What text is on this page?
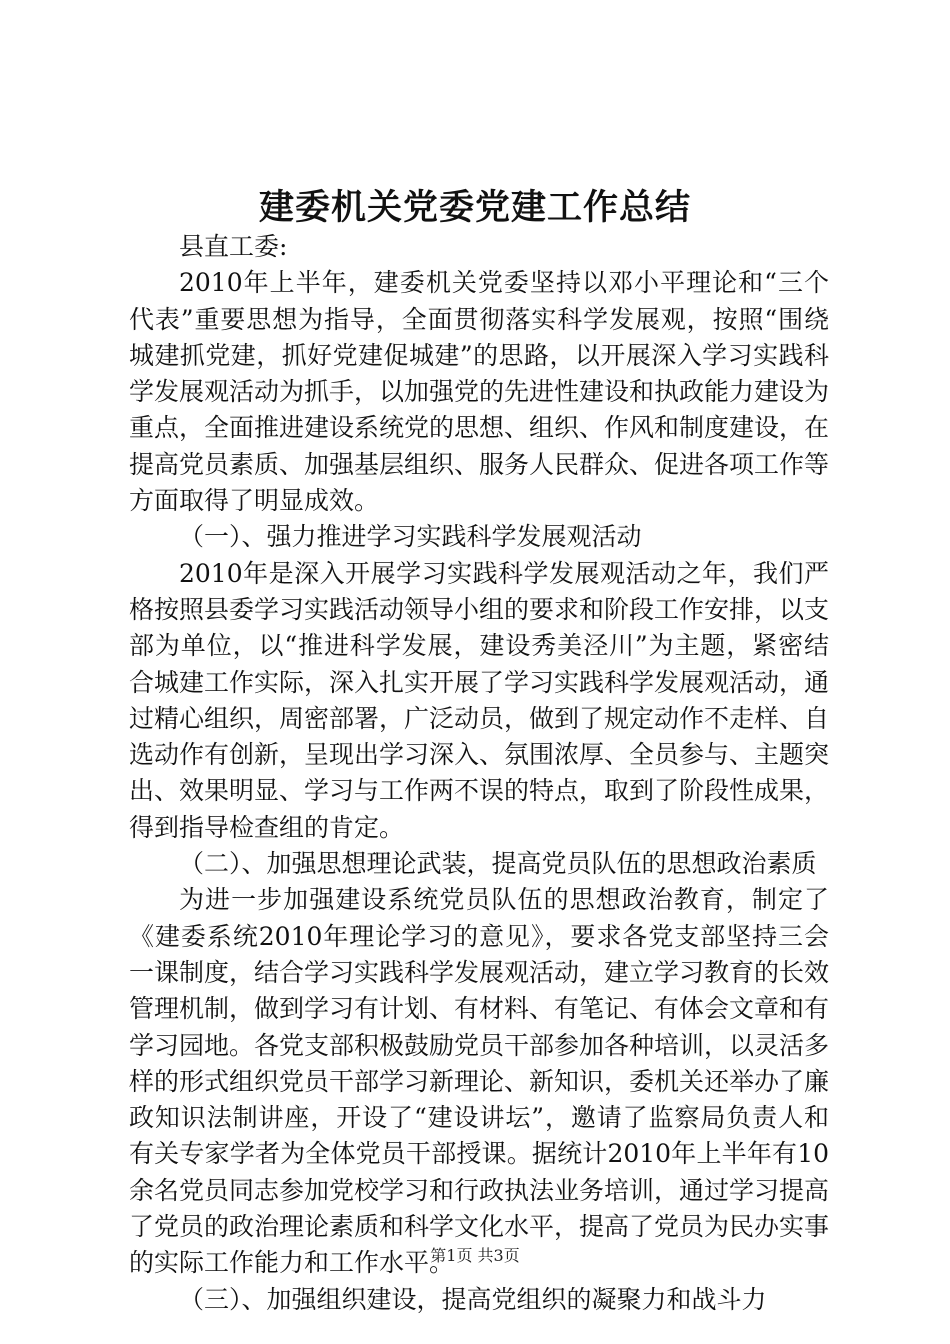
建委机关党委党建工作总结

县直工委:

2010年上半年，建委机关党委坚持以邓小平理论和“三个代表”重要思想为指导，全面贯彻落实科学发展观，按照“围绕城建抓党建，抓好党建促城建”的思路，以开展深入学习实践科学发展观活动为抓手，以加强党的先进性建设和执政能力建设为重点，全面推进建设系统党的思想、组织、作风和制度建设，在提高党员素质、加强基层组织、服务人民群众、促进各项工作等方面取得了明显成效。

（一）、强力推进学习实践科学发展观活动

2010年是深入开展学习实践科学发展观活动之年，我们严格按照县委学习实践活动领导小组的要求和阶段工作安排，以支部为单位，以“推进科学发展，建设秀美泾川”为主题，紧密结合城建工作实际，深入扎实开展了学习实践科学发展观活动，通过精心组织，周密部署，广泛动员，做到了规定动作不走样、自选动作有创新，呈现出学习深入、氛围浓厚、全员参与、主题突出、效果明显、学习与工作两不误的特点，取到了阶段性成果，得到指导检查组的肯定。

（二）、加强思想理论武装，提高党员队伍的思想政治素质

为进一步加强建设系统党员队伍的思想政治教育，制定了《建委系统2010年理论学习的意见》，要求各党支部坚持三会一课制度，结合学习实践科学发展观活动，建立学习教育的长效管理机制，做到学习有计划、有材料、有笔记、有体会文章和有学习园地。各党支部积极鼓励党员干部参加各种培训，以灵活多样的形式组织党员干部学习新理论、新知识，委机关还举办了廉政知识法制讲座，开设了“建设讲坛”，邀请了监察局负责人和有关专家学者为全体党员干部授课。据统计2010年上半年有10余名党员同志参加党校学习和行政执法业务培训，通过学习提高了党员的政治理论素质和科学文化水平，提高了党员为民办实事的实际工作能力和工作水平。

（三）、加强组织建设，提高党组织的凝聚力和战斗力

第1页 共3页
